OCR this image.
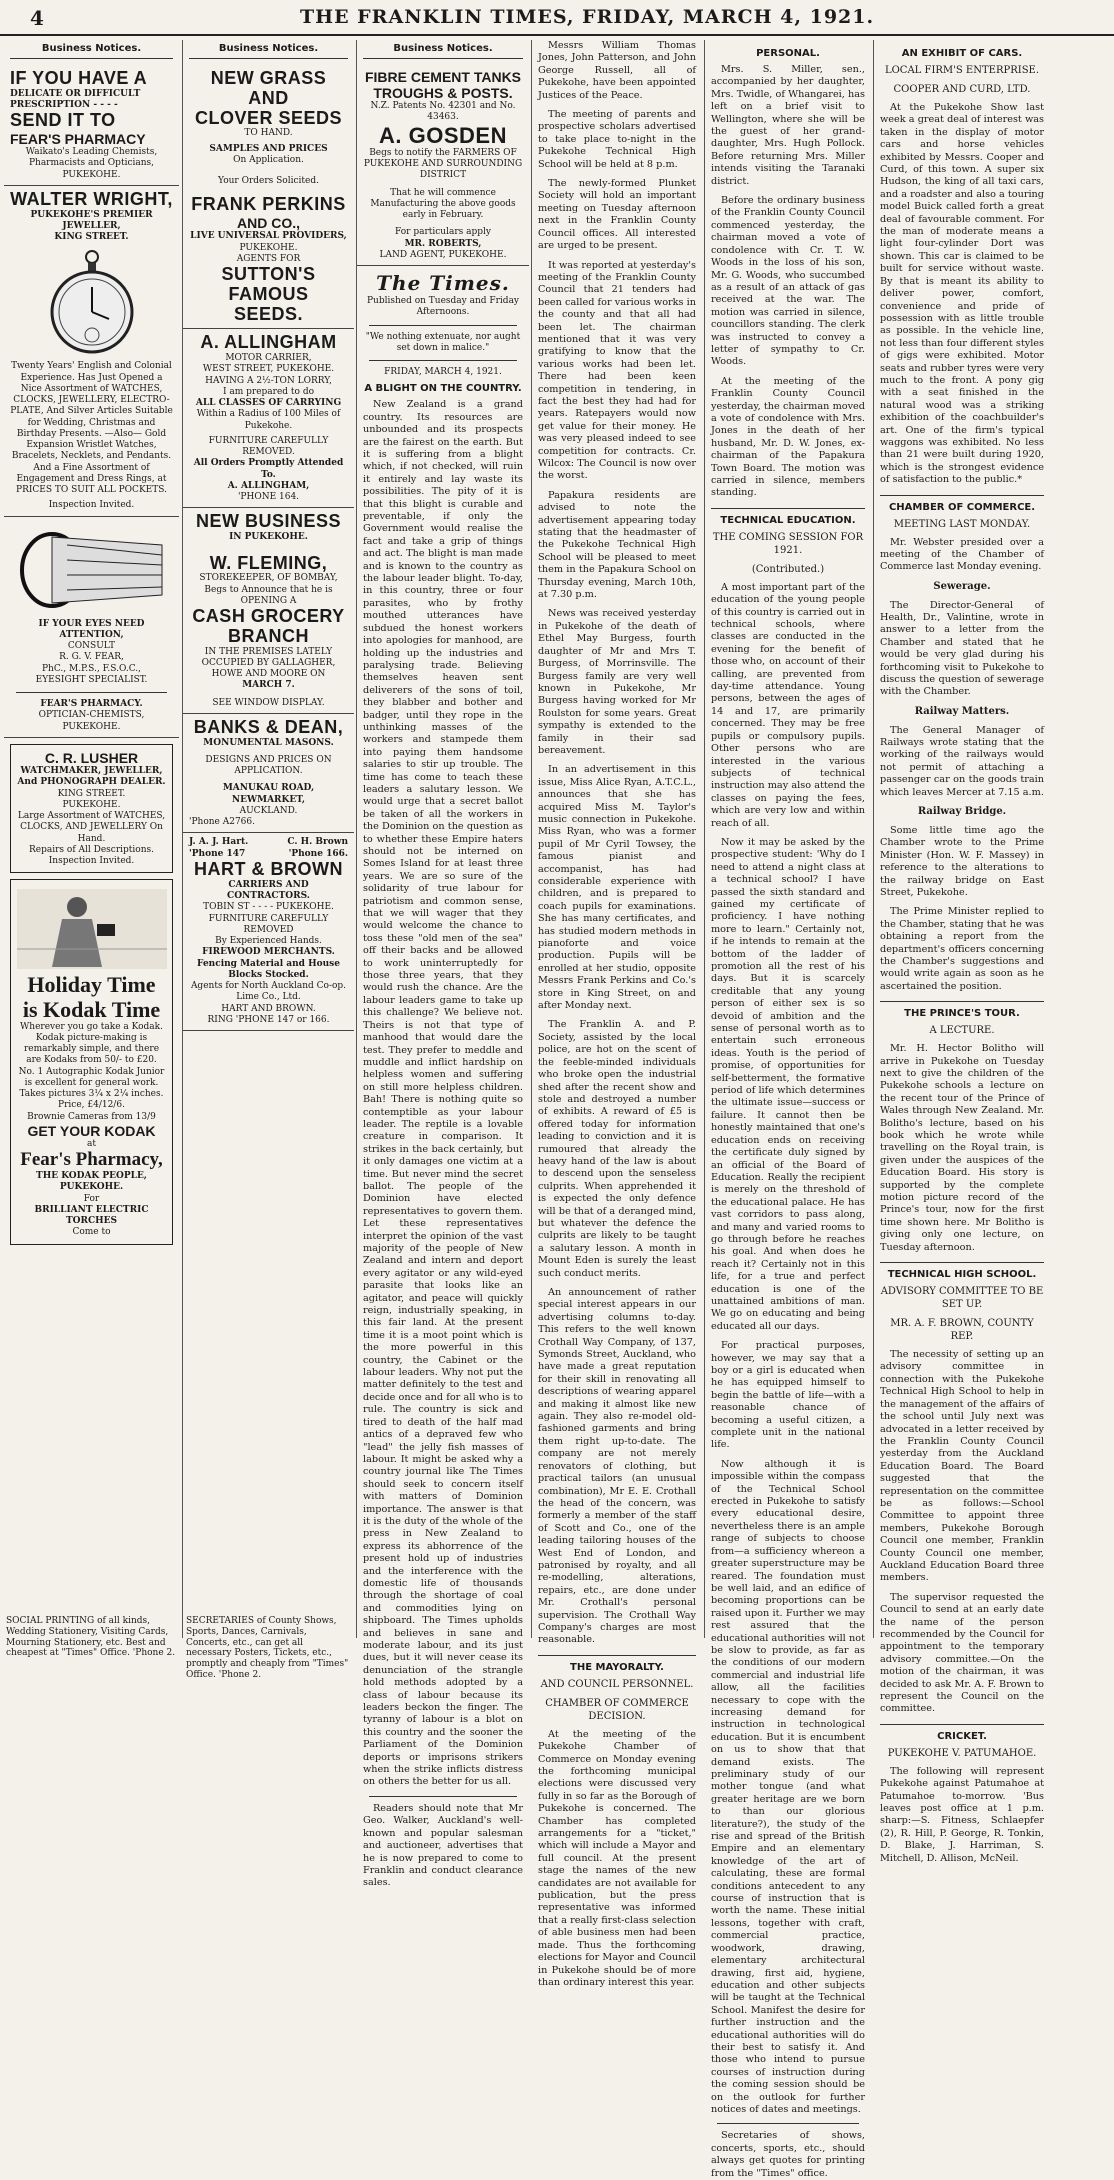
4	THE FRANKLIN TIMES, FRIDAY, MARCH 4, 1921.
Business Notices.
IF YOU HAVE A
DELICATE OR DIFFICULT PRESCRIPTION - - - -
SEND IT TO
FEAR'S PHARMACY
Waikato's Leading Chemists, Pharmacists and Opticians,
PUKEKOHE.
WALTER WRIGHT,
PUKEKOHE'S PREMIER
JEWELLER,
KING STREET.
Twenty Years' English and Colonial Experience. Has Just Opened a Nice Assortment of WATCHES, CLOCKS, JEWELLERY, ELECTRO-PLATE, And Silver Articles Suitable for Wedding, Christmas and Birthday Presents. —Also— Gold Expansion Wristlet Watches, Bracelets, Necklets, and Pendants. And a Fine Assortment of Engagement and Dress Rings, at PRICES TO SUIT ALL POCKETS.
Inspection Invited.
IF YOUR EYES NEED ATTENTION,
CONSULT
R. G. V. FEAR,
PhC., M.P.S., F.S.O.C.,
EYESIGHT SPECIALIST.
FEAR'S PHARMACY.
OPTICIAN-CHEMISTS,
PUKEKOHE.
C. R. LUSHER
WATCHMAKER, JEWELLER, And PHONOGRAPH DEALER.
KING STREET.
PUKEKOHE.
Large Assortment of WATCHES, CLOCKS, AND JEWELLERY On Hand.
Repairs of All Descriptions.
Inspection Invited.
Holiday Time
is Kodak Time
Wherever you go take a Kodak.
Kodak picture-making is remarkably simple, and there are Kodaks from 50/- to £20.
No. 1 Autographic Kodak Junior is excellent for general work. Takes pictures 3¼ x 2¼ inches. Price, £4/12/6.
Brownie Cameras from 13/9
GET YOUR KODAK
at
Fear's Pharmacy,
THE KODAK PEOPLE, PUKEKOHE.
For
BRILLIANT ELECTRIC TORCHES
Come to
Business Notices.
NEW GRASS AND
CLOVER SEEDS
TO HAND.
SAMPLES AND PRICES
On Application.
Your Orders Solicited.
FRANK PERKINS
AND CO.,
LIVE UNIVERSAL PROVIDERS,
PUKEKOHE.
AGENTS FOR
SUTTON'S FAMOUS
SEEDS.
A. ALLINGHAM
MOTOR CARRIER,
WEST STREET, PUKEKOHE.
HAVING A 2½-TON LORRY,
I am prepared to do
ALL CLASSES OF CARRYING
Within a Radius of 100 Miles of Pukekohe.
FURNITURE CAREFULLY REMOVED.
All Orders Promptly Attended To.
A. ALLINGHAM,
'PHONE 164.
NEW BUSINESS
IN PUKEKOHE.
W. FLEMING,
STOREKEEPER, OF BOMBAY,
Begs to Announce that he is
OPENING A
CASH GROCERY
BRANCH
IN THE PREMISES LATELY OCCUPIED BY GALLAGHER, HOWE AND MOORE ON
MARCH 7.
SEE WINDOW DISPLAY.
BANKS & DEAN,
MONUMENTAL MASONS.
DESIGNS AND PRICES ON APPLICATION.
MANUKAU ROAD, NEWMARKET,
AUCKLAND.
'Phone A2766.
J. A. J. Hart. 'Phone 147
C. H. Brown 'Phone 166.
HART & BROWN
CARRIERS AND CONTRACTORS.
TOBIN ST - - - - PUKEKOHE.
FURNITURE CAREFULLY REMOVED
By Experienced Hands.
FIREWOOD MERCHANTS.
Fencing Material and House Blocks Stocked.
Agents for North Auckland Co-op. Lime Co., Ltd.
HART AND BROWN.
RING 'PHONE 147 or 166.
Business Notices.
FIBRE CEMENT TANKS
TROUGHS & POSTS.
N.Z. Patents No. 42301 and No. 43463.
A. GOSDEN
Begs to notify the FARMERS OF PUKEKOHE AND SURROUNDING DISTRICT
That he will commence Manufacturing the above goods early in February.
For particulars apply
MR. ROBERTS,
LAND AGENT, PUKEKOHE.
The Times.
Published on Tuesday and Friday Afternoons.
"We nothing extenuate, nor aught set down in malice."
FRIDAY, MARCH 4, 1921.
A BLIGHT ON THE COUNTRY.

New Zealand is a grand country. Its resources are unbounded and its prospects are the fairest on the earth. But it is suffering from a blight which, if not checked, will ruin it entirely and lay waste its possibilities. The pity of it is that this blight is curable and preventable, if only the Government would realise the fact and take a grip of things and act. The blight is man made and is known to the country as the labour leader blight. To-day, in this country, three or four parasites, who by frothy mouthed utterances have subdued the honest workers into apologies for manhood, are holding up the industries and paralysing trade. Believing themselves heaven sent deliverers of the sons of toil, they blabber and bother and badger, until they rope in the unthinking masses of the workers and stampede them into paying them handsome salaries to stir up trouble. The time has come to teach these leaders a salutary lesson. We would urge that a secret ballot be taken of all the workers in the Dominion on the question as to whether these Empire haters should not be interned on Somes Island for at least three years. We are so sure of the solidarity of true labour for patriotism and common sense, that we will wager that they would welcome the chance to toss these "old men of the sea" off their backs and be allowed to work uninterruptedly for those three years, that they would rush the chance. Are the labour leaders game to take up this challenge? We believe not. Theirs is not that type of manhood that would dare the test. They prefer to meddle and muddle and inflict hardship on helpless women and suffering on still more helpless children. Bah! There is nothing quite so contemptible as your labour leader. The reptile is a lovable creature in comparison. It strikes in the back certainly, but it only damages one victim at a time. But never mind the secret ballot. The people of the Dominion have elected representatives to govern them. Let these representatives interpret the opinion of the vast majority of the people of New Zealand and intern and deport every agitator or any wild-eyed parasite that looks like an agitator, and peace will quickly reign, industrially speaking, in this fair land. At the present time it is a moot point which is the more powerful in this country, the Cabinet or the labour leaders. Why not put the matter definitely to the test and decide once and for all who is to rule. The country is sick and tired to death of the half mad antics of a depraved few who "lead" the jelly fish masses of labour. It might be asked why a country journal like The Times should seek to concern itself with matters of Dominion importance. The answer is that it is the duty of the whole of the press in New Zealand to express its abhorrence of the present hold up of industries and the interference with the domestic life of thousands through the shortage of coal and commodities lying on shipboard. The Times upholds and believes in sane and moderate labour, and its just dues, but it will never cease its denunciation of the strangle hold methods adopted by a class of labour because its leaders beckon the finger. The tyranny of labour is a blot on this country and the sooner the Parliament of the Dominion deports or imprisons strikers when the strike inflicts distress on others the better for us all.

Readers should note that Mr Geo. Walker, Auckland's well-known and popular salesman and auctioneer, advertises that he is now prepared to come to Franklin and conduct clearance sales.

Messrs William Thomas Jones, John Patterson, and John George Russell, all of Pukekohe, have been appointed Justices of the Peace.

The meeting of parents and prospective scholars advertised to take place to-night in the Pukekohe Technical High School will be held at 8 p.m.

The newly-formed Plunket Society will hold an important meeting on Tuesday afternoon next in the Franklin County Council offices. All interested are urged to be present.

It was reported at yesterday's meeting of the Franklin County Council that 21 tenders had been called for various works in the county and that all had been let. The chairman mentioned that it was very gratifying to know that the various works had been let. There had been keen competition in tendering, in fact the best they had had for years. Ratepayers would now get value for their money. He was very pleased indeed to see competition for contracts. Cr. Wilcox: The Council is now over the worst.

Papakura residents are advised to note the advertisement appearing today stating that the headmaster of the Pukekohe Technical High School will be pleased to meet them in the Papakura School on Thursday evening, March 10th, at 7.30 p.m.

News was received yesterday in Pukekohe of the death of Ethel May Burgess, fourth daughter of Mr and Mrs T. Burgess, of Morrinsville. The Burgess family are very well known in Pukekohe, Mr Burgess having worked for Mr Roulston for some years. Great sympathy is extended to the family in their sad bereavement.

In an advertisement in this issue, Miss Alice Ryan, A.T.C.L., announces that she has acquired Miss M. Taylor's music connection in Pukekohe. Miss Ryan, who was a former pupil of Mr Cyril Towsey, the famous pianist and accompanist, has had considerable experience with children, and is prepared to coach pupils for examinations. She has many certificates, and has studied modern methods in pianoforte and voice production. Pupils will be enrolled at her studio, opposite Messrs Frank Perkins and Co.'s store in King Street, on and after Monday next.

The Franklin A. and P. Society, assisted by the local police, are hot on the scent of the feeble-minded individuals who broke open the industrial shed after the recent show and stole and destroyed a number of exhibits. A reward of £5 is offered today for information leading to conviction and it is rumoured that already the heavy hand of the law is about to descend upon the senseless culprits. When apprehended it is expected the only defence will be that of a deranged mind, but whatever the defence the culprits are likely to be taught a salutary lesson. A month in Mount Eden is surely the least such conduct merits.

An announcement of rather special interest appears in our advertising columns to-day. This refers to the well known Crothall Way Company, of 137, Symonds Street, Auckland, who have made a great reputation for their skill in renovating all descriptions of wearing apparel and making it almost like new again. They also re-model old-fashioned garments and bring them right up-to-date. The company are not merely renovators of clothing, but practical tailors (an unusual combination), Mr E. E. Crothall the head of the concern, was formerly a member of the staff of Scott and Co., one of the leading tailoring houses of the West End of London, and patronised by royalty, and all re-modelling, alterations, repairs, etc., are done under Mr. Crothall's personal supervision. The Crothall Way Company's charges are most reasonable.

THE MAYORALTY.
AND COUNCIL PERSONNEL.
CHAMBER OF COMMERCE DECISION.

At the meeting of the Pukekohe Chamber of Commerce on Monday evening the forthcoming municipal elections were discussed very fully in so far as the Borough of Pukekohe is concerned. The Chamber has completed arrangements for a "ticket," which will include a Mayor and full council. At the present stage the names of the new candidates are not available for publication, but the press representative was informed that a really first-class selection of able business men had been made. Thus the forthcoming elections for Mayor and Council in Pukekohe should be of more than ordinary interest this year.

PERSONAL.

Mrs. S. Miller, sen., accompanied by her daughter, Mrs. Twidle, of Whangarei, has left on a brief visit to Wellington, where she will be the guest of her grand-daughter, Mrs. Hugh Pollock. Before returning Mrs. Miller intends visiting the Taranaki district.

Before the ordinary business of the Franklin County Council commenced yesterday, the chairman moved a vote of condolence with Cr. T. W. Woods in the loss of his son, Mr. G. Woods, who succumbed as a result of an attack of gas received at the war. The motion was carried in silence, councillors standing. The clerk was instructed to convey a letter of sympathy to Cr. Woods.

At the meeting of the Franklin County Council yesterday, the chairman moved a vote of condolence with Mrs. Jones in the death of her husband, Mr. D. W. Jones, ex-chairman of the Papakura Town Board. The motion was carried in silence, members standing.

TECHNICAL EDUCATION.
THE COMING SESSION FOR 1921.
(Contributed.)

A most important part of the education of the young people of this country is carried out in technical schools, where classes are conducted in the evening for the benefit of those who, on account of their calling, are prevented from day-time attendance. Young persons, between the ages of 14 and 17, are primarily concerned. They may be free pupils or compulsory pupils. Other persons who are interested in the various subjects of technical instruction may also attend the classes on paying the fees, which are very low and within reach of all.

Now it may be asked by the prospective student: 'Why do I need to attend a night class at a technical school? I have passed the sixth standard and gained my certificate of proficiency. I have nothing more to learn." Certainly not, if he intends to remain at the bottom of the ladder of promotion all the rest of his days. But it is scarcely creditable that any young person of either sex is so devoid of ambition and the sense of personal worth as to entertain such erroneous ideas. Youth is the period of promise, of opportunities for self-betterment, the formative period of life which determines the ultimate issue—success or failure. It cannot then be honestly maintained that one's education ends on receiving the certificate duly signed by an official of the Board of Education. Really the recipient is merely on the threshold of the educational palace. He has vast corridors to pass along, and many and varied rooms to go through before he reaches his goal. And when does he reach it? Certainly not in this life, for a true and perfect education is one of the unattained ambitions of man. We go on educating and being educated all our days.

For practical purposes, however, we may say that a boy or a girl is educated when he has equipped himself to begin the battle of life—with a reasonable chance of becoming a useful citizen, a complete unit in the national life.

Now although it is impossible within the compass of the Technical School erected in Pukekohe to satisfy every educational desire, nevertheless there is an ample range of subjects to choose from—a sufficiency whereon a greater superstructure may be reared. The foundation must be well laid, and an edifice of becoming proportions can be raised upon it. Further we may rest assured that the educational authorities will not be slow to provide, as far as the conditions of our modern commercial and industrial life allow, all the facilities necessary to cope with the increasing demand for instruction in technological education. But it is encumbent on us to show that that demand exists. The preliminary study of our mother tongue (and what greater heritage are we born to than our glorious literature?), the study of the rise and spread of the British Empire and an elementary knowledge of the art of calculating, these are formal conditions antecedent to any course of instruction that is worth the name. These initial lessons, together with craft, commercial practice, woodwork, drawing, elementary architectural drawing, first aid, hygiene, education and other subjects will be taught at the Technical School. Manifest the desire for further instruction and the educational authorities will do their best to satisfy it. And those who intend to pursue courses of instruction during the coming session should be on the outlook for further notices of dates and meetings.

Secretaries of shows, concerts, sports, etc., should always get quotes for printing from the "Times" office.

AN EXHIBIT OF CARS.
LOCAL FIRM'S ENTERPRISE.
COOPER AND CURD, LTD.

At the Pukekohe Show last week a great deal of interest was taken in the display of motor cars and horse vehicles exhibited by Messrs. Cooper and Curd, of this town. A super six Hudson, the king of all taxi cars, and a roadster and also a touring model Buick called forth a great deal of favourable comment. For the man of moderate means a light four-cylinder Dort was shown. This car is claimed to be built for service without waste. By that is meant its ability to deliver power, comfort, convenience and pride of possession with as little trouble as possible. In the vehicle line, not less than four different styles of gigs were exhibited. Motor seats and rubber tyres were very much to the front. A pony gig with a seat finished in the natural wood was a striking exhibition of the coachbuilder's art. One of the firm's typical waggons was exhibited. No less than 21 were built during 1920, which is the strongest evidence of satisfaction to the public.*

CHAMBER OF COMMERCE.
MEETING LAST MONDAY.

Mr. Webster presided over a meeting of the Chamber of Commerce last Monday evening.

Sewerage.

The Director-General of Health, Dr., Valintine, wrote in answer to a letter from the Chamber and stated that he would be very glad during his forthcoming visit to Pukekohe to discuss the question of sewerage with the Chamber.

Railway Matters.

The General Manager of Railways wrote stating that the working of the railways would not permit of attaching a passenger car on the goods train which leaves Mercer at 7.15 a.m.

Railway Bridge.

Some little time ago the Chamber wrote to the Prime Minister (Hon. W. F. Massey) in reference to the alterations to the railway bridge on East Street, Pukekohe.

The Prime Minister replied to the Chamber, stating that he was obtaining a report from the department's officers concerning the Chamber's suggestions and would write again as soon as he ascertained the position.

THE PRINCE'S TOUR.
A LECTURE.

Mr. H. Hector Bolitho will arrive in Pukekohe on Tuesday next to give the children of the Pukekohe schools a lecture on the recent tour of the Prince of Wales through New Zealand. Mr. Bolitho's lecture, based on his book which he wrote while travelling on the Royal train, is given under the auspices of the Education Board. His story is supported by the complete motion picture record of the Prince's tour, now for the first time shown here. Mr Bolitho is giving only one lecture, on Tuesday afternoon.

TECHNICAL HIGH SCHOOL.
ADVISORY COMMITTEE TO BE SET UP.
MR. A. F. BROWN, COUNTY REP.

The necessity of setting up an advisory committee in connection with the Pukekohe Technical High School to help in the management of the affairs of the school until July next was advocated in a letter received by the Franklin County Council yesterday from the Auckland Education Board. The Board suggested that the representation on the committee be as follows:—School Committee to appoint three members, Pukekohe Borough Council one member, Franklin County Council one member, Auckland Education Board three members.

The supervisor requested the Council to send at an early date the name of the person recommended by the Council for appointment to the temporary advisory committee.—On the motion of the chairman, it was decided to ask Mr. A. F. Brown to represent the Council on the committee.

CRICKET.
PUKEKOHE V. PATUMAHOE.

The following will represent Pukekohe against Patumahoe at Patumahoe to-morrow. 'Bus leaves post office at 1 p.m. sharp:—S. Fitness, Schlaepfer (2), R. Hill, P. George, R. Tonkin, D. Blake, J. Harriman, S. Mitchell, D. Allison, McNeil.

SOCIAL PRINTING of all kinds, Wedding Stationery, Visiting Cards, Mourning Stationery, etc. Best and cheapest at "Times" Office. 'Phone 2.
SECRETARIES of County Shows, Sports, Dances, Carnivals, Concerts, etc., can get all necessary Posters, Tickets, etc., promptly and cheaply from "Times" Office. 'Phone 2.
